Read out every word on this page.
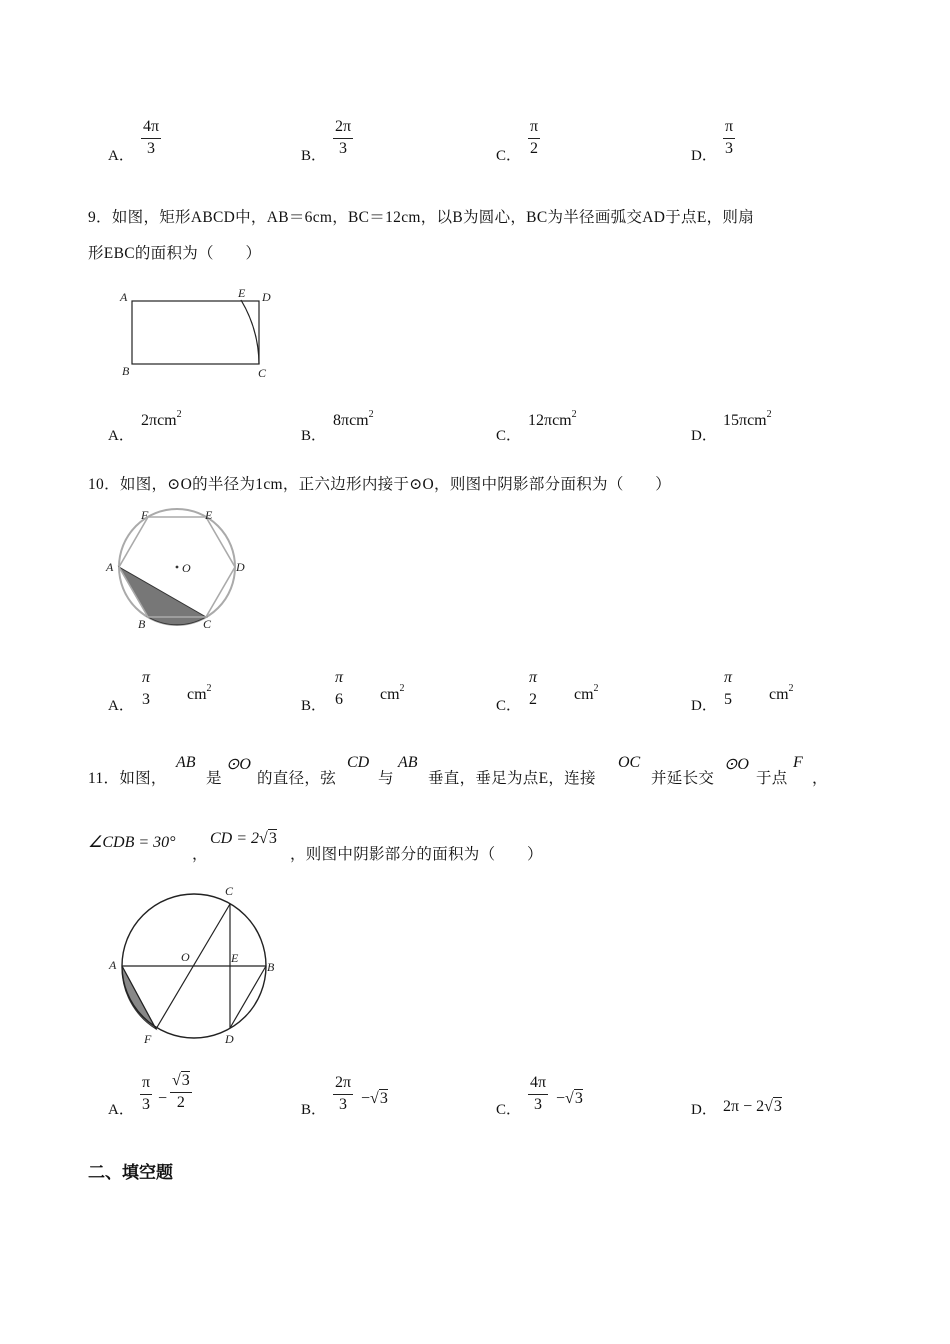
A．
4π
3	B．
2π
3	C．
π
2	D．
π
3
9．如图，矩形ABCD中，AB＝6cm，BC＝12cm，以B为圆心，BC为半径画弧交AD于点E，则扇
形EBC的面积为（　　）
A
B	C
D
E
A．
2πcm$^2$
B．
8πcm$^2$
C．
12πcm$^2$
D．
15πcm$^2$
10．如图，⊙O的半径为1cm，正六边形内接于⊙O，则图中阴影部分面积为（　　）
A
B	C
D
E
F
O
A．
π
3 $cm^2$
B．
π
6 $cm^2$
C．
π
2 $cm^2$
D．
π
5 $cm^2$
11．如图，
AB
是
⊙O
的直径，弦
CD
与
AB
垂直，垂足为点E，连接
OC
并延长交
⊙O
于点
F
，
∠CDB = 30°
，
CD = 2√3
，则图中阴影部分的面积为（　　）
A	B
C
D
E
F
O
A．
π
3 −
√3
2	B．
2π
3 −√3
C．
4π
3 −√3
D． 2π − 2√3
二、填空题
